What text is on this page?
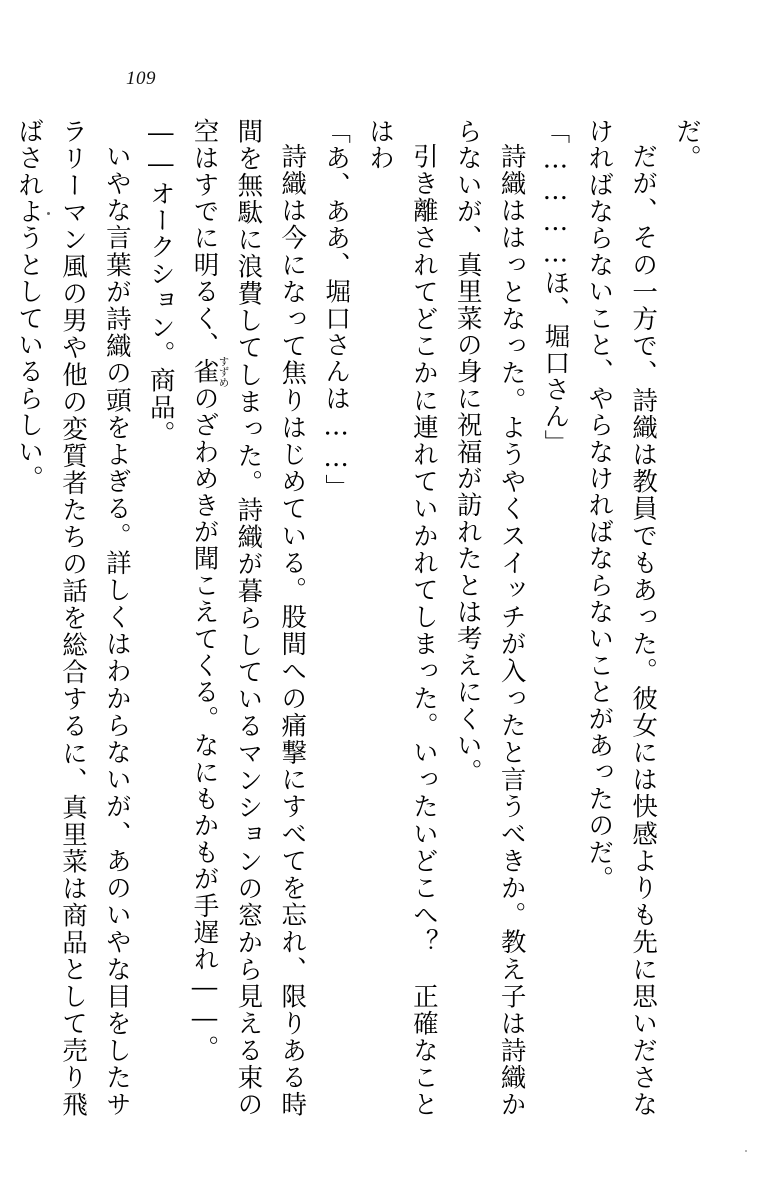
109

だ。

だが、その一方で、詩織は教員でもあった。彼女には快感よりも先に思いださなければならないこと、やらなければならないことがあったのだ。

「…………ほ、堀口さん」

詩織ははっとなった。ようやくスイッチが入ったと言うべきか。教え子は詩織からないが、真里菜の身に祝福が訪れたとは考えにくい。

引き離されてどこかに連れていかれてしまった。いったいどこへ？　正確なことはわ

「あ、ああ、堀口さんは……」

詩織は今になって焦りはじめている。股間への痛撃にすべてを忘れ、限りある時間を無駄に浪費してしまった。詩織が暮らしているマンションの窓から見える束の空はすでに明るく、雀すずめのざわめきが聞こえてくる。なにもかもが手遅れ――。

――オークション。商品。

いやな言葉が詩織の頭をよぎる。詳しくはわからないが、あのいやな目をしたサラリーマン風の男や他の変質者たちの話を総合するに、真里菜は商品として売り飛ばされようとしているらしい。
